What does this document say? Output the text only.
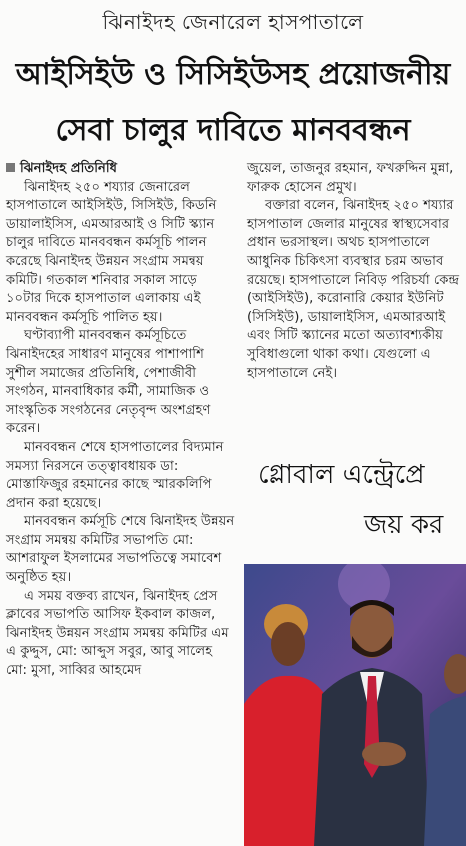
ঝিনাইদহ জেনারেল হাসপাতালে
আইসিইউ ও সিসিইউসহ প্রয়োজনীয়
সেবা চালুর দাবিতে মানববন্ধন

ঝিনাইদহ প্রতিনিধি

ঝিনাইদহ ২৫০ শয্যার জেনারেল হাসপাতালে আইসিইউ, সিসিইউ, কিডনি ডায়ালাইসিস, এমআরআই ও সিটি স্ক্যান চালুর দাবিতে মানববন্ধন কর্মসূচি পালন করেছে ঝিনাইদহ উন্নয়ন সংগ্রাম সমন্বয় কমিটি। গতকাল শনিবার সকাল সাড়ে ১০টার দিকে হাসপাতাল এলাকায় এই মানববন্ধন কর্মসূচি পালিত হয়।

ঘণ্টাব্যাপী মানববন্ধন কর্মসূচিতে ঝিনাইদহের সাধারণ মানুষের পাশাপাশি সুশীল সমাজের প্রতিনিধি, পেশাজীবী সংগঠন, মানবাধিকার কর্মী, সামাজিক ও সাংস্কৃতিক সংগঠনের নেতৃবৃন্দ অংশগ্রহণ করেন।

মানববন্ধন শেষে হাসপাতালের বিদ্যমান সমস্যা নিরসনে তত্ত্বাবধায়ক ডা: মোস্তাফিজুর রহমানের কাছে স্মারকলিপি প্রদান করা হয়েছে।

মানববন্ধন কর্মসূচি শেষে ঝিনাইদহ উন্নয়ন সংগ্রাম সমন্বয় কমিটির সভাপতি মো: আশরাফুল ইসলামের সভাপতিত্বে সমাবেশ অনুষ্ঠিত হয়।

এ সময় বক্তব্য রাখেন, ঝিনাইদহ প্রেস ক্লাবের সভাপতি আসিফ ইকবাল কাজল, ঝিনাইদহ উন্নয়ন সংগ্রাম সমন্বয় কমিটির এম এ কুদ্দুস, মো: আব্দুস সবুর, আবু সালেহ মো: মুসা, সাব্বির আহমেদ

জুয়েল, তাজনুর রহমান, ফখরুদ্দিন মুন্না, ফারুক হোসেন প্রমুখ।

বক্তারা বলেন, ঝিনাইদহ ২৫০ শয্যার হাসপাতাল জেলার মানুষের স্বাস্থ্যসেবার প্রধান ভরসাস্থল। অথচ হাসপাতালে আধুনিক চিকিৎসা ব্যবস্থার চরম অভাব রয়েছে। হাসপাতালে নিবিড় পরিচর্যা কেন্দ্র (আইসিইউ), করোনারি কেয়ার ইউনিট (সিসিইউ), ডায়ালাইসিস, এমআরআই এবং সিটি স্ক্যানের মতো অত্যাবশ্যকীয় সুবিধাগুলো থাকা কথা। যেগুলো এ হাসপাতালে নেই।

গ্লোবাল এন্ট্রেপ্রে
জয় কর
